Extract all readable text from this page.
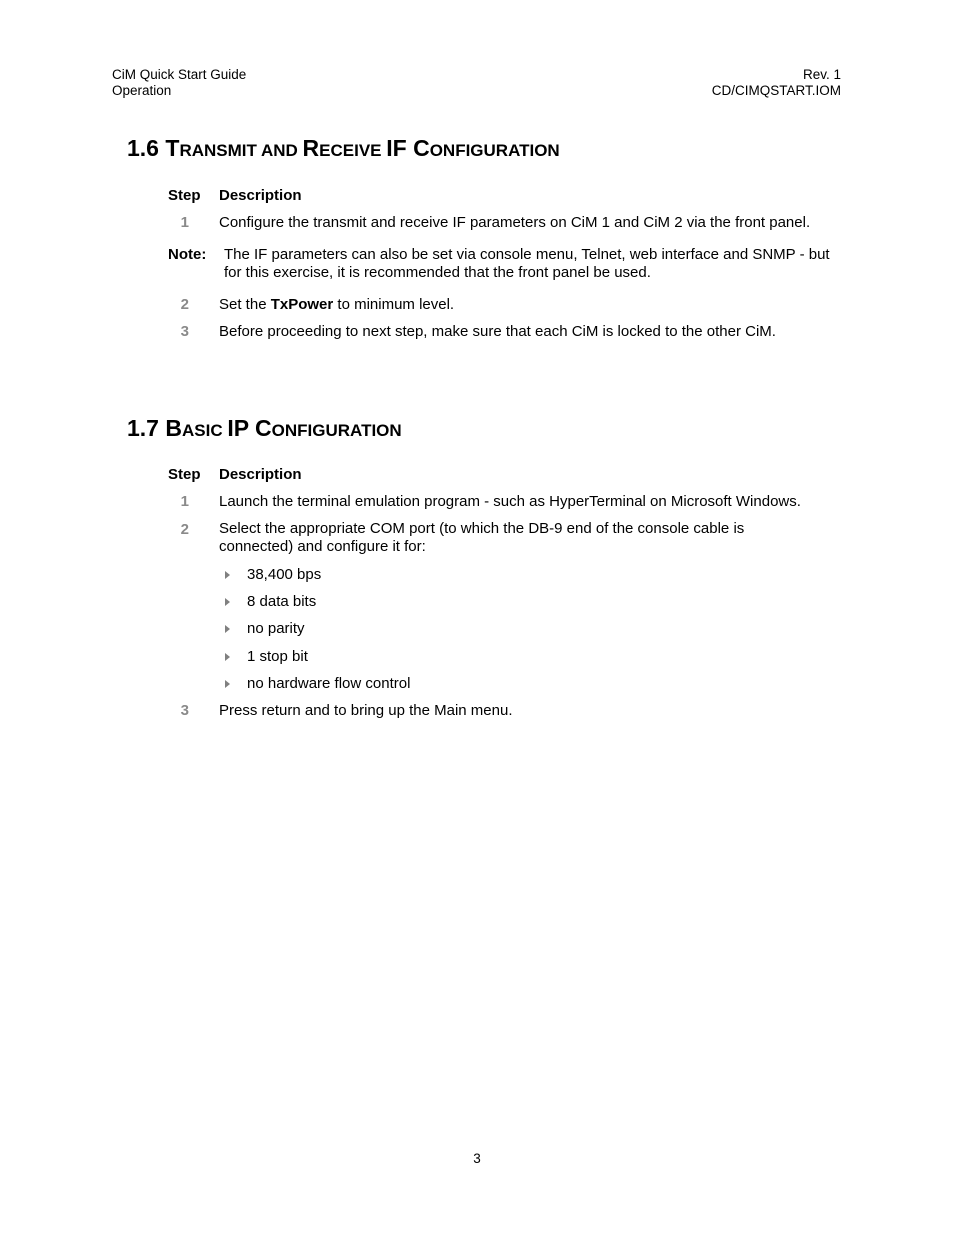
CiM Quick Start Guide
Operation
Rev. 1
CD/CIMQSTART.IOM
1.6 TRANSMIT AND RECEIVE IF CONFIGURATION
Step Description
1 Configure the transmit and receive IF parameters on CiM 1 and CiM 2 via the front panel.
Note: The IF parameters can also be set via console menu, Telnet, web interface and SNMP - but for this exercise, it is recommended that the front panel be used.
2 Set the TxPower to minimum level.
3 Before proceeding to next step, make sure that each CiM is locked to the other CiM.
1.7 BASIC IP CONFIGURATION
Step Description
1 Launch the terminal emulation program - such as HyperTerminal on Microsoft Windows.
2 Select the appropriate COM port (to which the DB-9 end of the console cable is connected) and configure it for:
38,400 bps
8 data bits
no parity
1 stop bit
no hardware flow control
3 Press return and to bring up the Main menu.
3
